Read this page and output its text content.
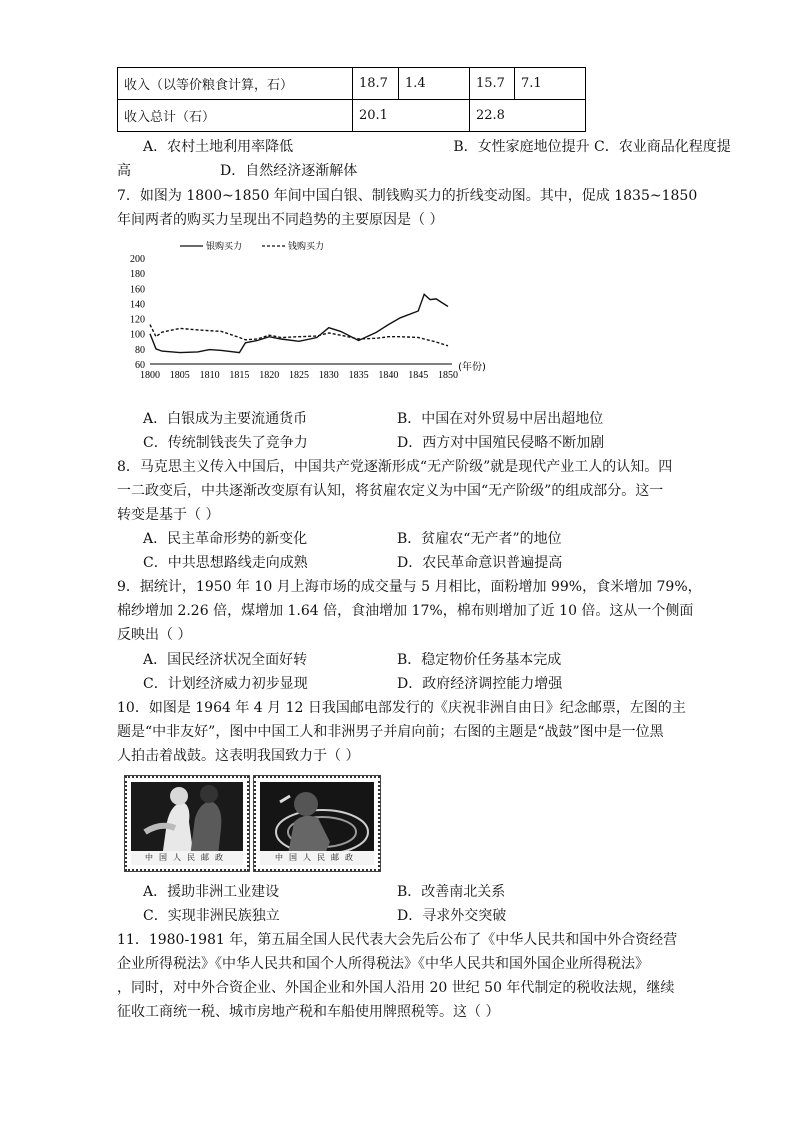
收入（以等价粮食计算，石）	18.7	1.4	15.7	7.1
收入总计（石）	20.1		22.8	
A．农村土地利用率降低                                    B．女性家庭地位提升 C．农业商品化程度提
高                    D．自然经济逐渐解体
7．如图为 1800~1850 年间中国白银、制钱购买力的折线变动图。其中，促成 1835~1850
年间两者的购买力呈现出不同趋势的主要原因是（ ）
60
80
100
120
140
160
180
200
1800 1805 1810 1815 1820 1825 1830 1835 1840 1845 1850
(年份)
银购买力	钱购买力
A．白银成为主要流通货币	B．中国在对外贸易中居出超地位
C．传统制钱丧失了竞争力	D．西方对中国殖民侵略不断加剧
8．马克思主义传入中国后，中国共产党逐渐形成“无产阶级”就是现代产业工人的认知。四
一二政变后，中共逐渐改变原有认知，将贫雇农定义为中国“无产阶级”的组成部分。这一
转变是基于（ ）
A．民主革命形势的新变化	B．贫雇农“无产者”的地位
C．中共思想路线走向成熟	D．农民革命意识普遍提高
9．据统计，1950 年 10 月上海市场的成交量与 5 月相比，面粉增加 99%，食米增加 79%，
棉纱增加 2.26 倍，煤增加 1.64 倍，食油增加 17%，棉布则增加了近 10 倍。这从一个侧面
反映出（ ）
A．国民经济状况全面好转	B．稳定物价任务基本完成
C．计划经济威力初步显现	D．政府经济调控能力增强
10．如图是 1964 年 4 月 12 日我国邮电部发行的《庆祝非洲自由日》纪念邮票，左图的主
题是“中非友好”，图中中国工人和非洲男子并肩向前；右图的主题是“战鼓”图中是一位黑
人拍击着战鼓。这表明我国致力于（ ）
中国人民邮政	中国人民邮政
A．援助非洲工业建设	B．改善南北关系
C．实现非洲民族独立	D．寻求外交突破
11．1980-1981 年，第五届全国人民代表大会先后公布了《中华人民共和国中外合资经营
企业所得税法》《中华人民共和国个人所得税法》《中华人民共和国外国企业所得税法》
，同时，对中外合资企业、外国企业和外国人沿用 20 世纪 50 年代制定的税收法规，继续
征收工商统一税、城市房地产税和车船使用牌照税等。这（ ）
